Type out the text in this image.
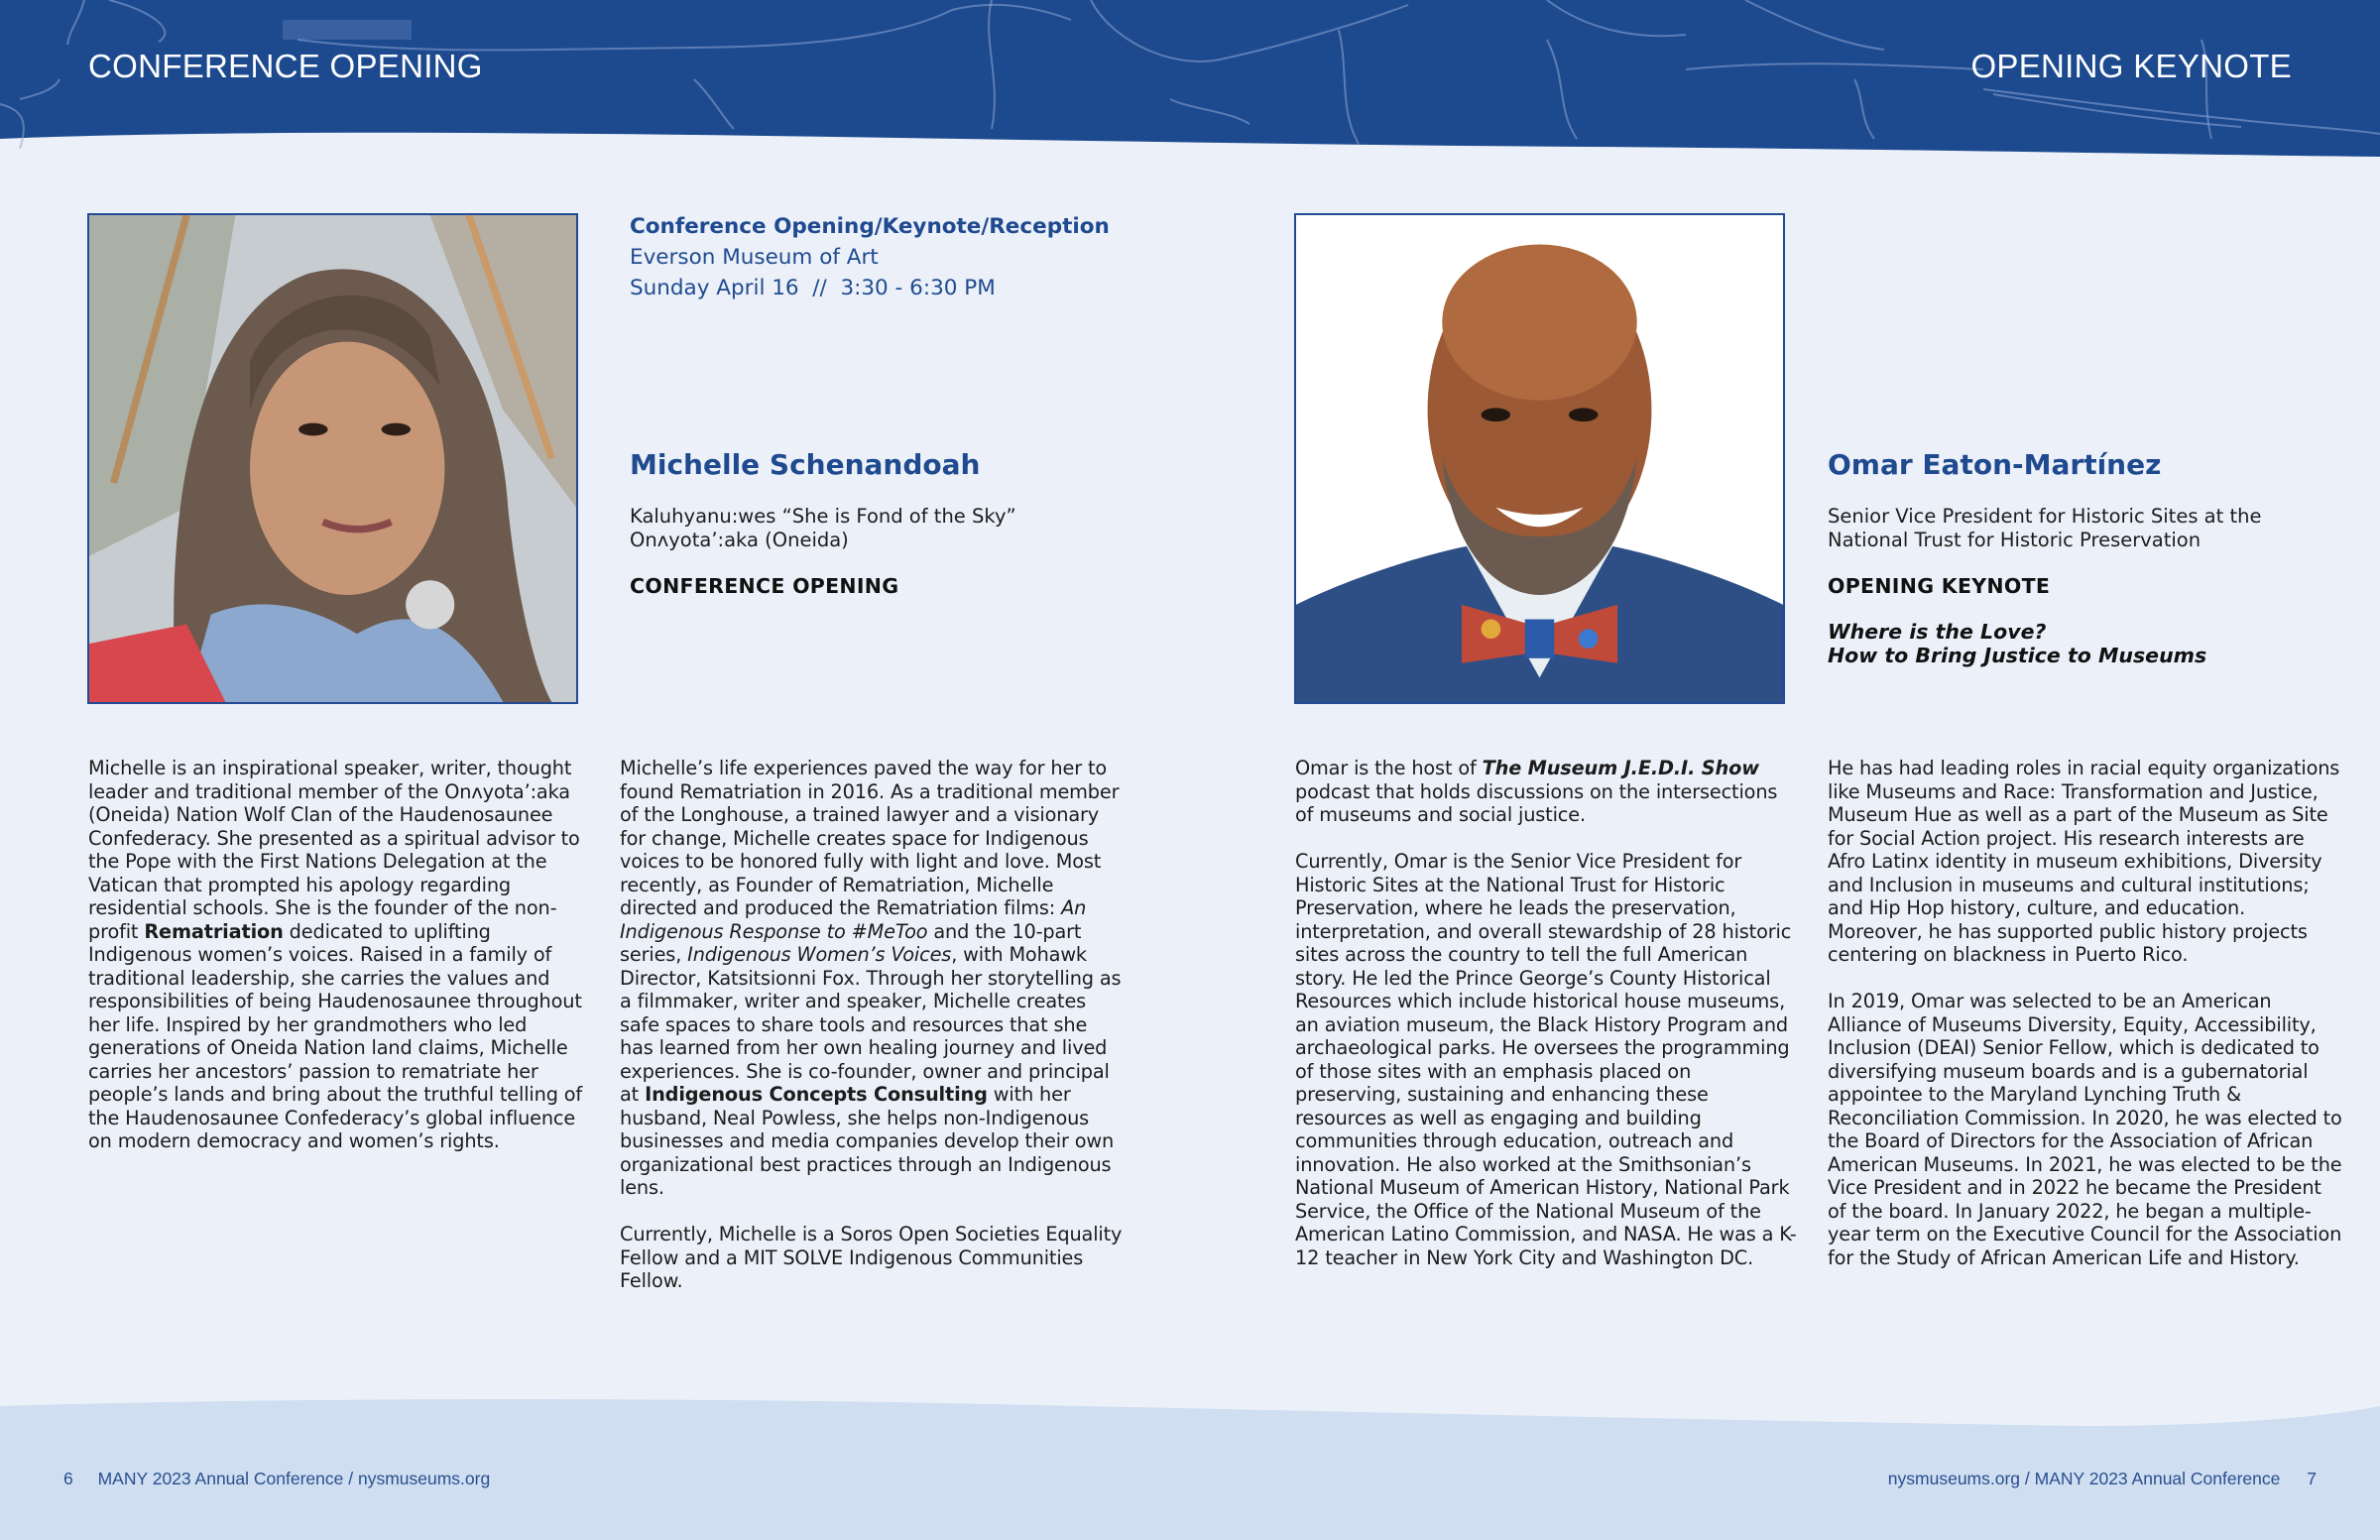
CONFERENCE OPENING	OPENING KEYNOTE
Conference Opening/Keynote/Reception
Everson Museum of Art
Sunday April 16  //  3:30 - 6:30 PM
Michelle Schenandoah
Kaluhyanu:wes “She is Fond of the Sky”
Onʌyota’:aka (Oneida)
CONFERENCE OPENING
Omar Eaton-Martínez
Senior Vice President for Historic Sites at the
National Trust for Historic Preservation
OPENING KEYNOTE
Where is the Love?
How to Bring Justice to Museums

Michelle is an inspirational speaker, writer, thought leader and traditional member of the Onʌyota’:aka (Oneida) Nation Wolf Clan of the Haudenosaunee Confederacy. She presented as a spiritual advisor to the Pope with the First Nations Delegation at the Vatican that prompted his apology regarding residential schools. She is the founder of the non-profit Rematriation dedicated to uplifting Indigenous women’s voices. Raised in a family of traditional leadership, she carries the values and responsibilities of being Haudenosaunee throughout her life. Inspired by her grandmothers who led generations of Oneida Nation land claims, Michelle carries her ancestors’ passion to rematriate her people’s lands and bring about the truthful telling of the Haudenosaunee Confederacy’s global influence on modern democracy and women’s rights.

Michelle’s life experiences paved the way for her to found Rematriation in 2016. As a traditional member of the Longhouse, a trained lawyer and a visionary for change, Michelle creates space for Indigenous voices to be honored fully with light and love. Most recently, as Founder of Rematriation, Michelle directed and produced the Rematriation films: An Indigenous Response to #MeToo and the 10-part series, Indigenous Women’s Voices, with Mohawk Director, Katsitsionni Fox. Through her storytelling as a filmmaker, writer and speaker, Michelle creates safe spaces to share tools and resources that she has learned from her own healing journey and lived experiences. She is co-founder, owner and principal at Indigenous Concepts Consulting with her husband, Neal Powless, she helps non-Indigenous businesses and media companies develop their own organizational best practices through an Indigenous lens.

Currently, Michelle is a Soros Open Societies Equality Fellow and a MIT SOLVE Indigenous Communities Fellow.

Omar is the host of The Museum J.E.D.I. Show podcast that holds discussions on the intersections of museums and social justice.

Currently, Omar is the Senior Vice President for Historic Sites at the National Trust for Historic Preservation, where he leads the preservation, interpretation, and overall stewardship of 28 historic sites across the country to tell the full American story. He led the Prince George’s County Historical Resources which include historical house museums, an aviation museum, the Black History Program and archaeological parks. He oversees the programming of those sites with an emphasis placed on preserving, sustaining and enhancing these resources as well as engaging and building communities through education, outreach and innovation. He also worked at the Smithsonian’s National Museum of American History, National Park Service, the Office of the National Museum of the American Latino Commission, and NASA. He was a K-12 teacher in New York City and Washington DC.

He has had leading roles in racial equity organizations like Museums and Race: Transformation and Justice, Museum Hue as well as a part of the Museum as Site for Social Action project. His research interests are Afro Latinx identity in museum exhibitions, Diversity and Inclusion in museums and cultural institutions; and Hip Hop history, culture, and education. Moreover, he has supported public history projects centering on blackness in Puerto Rico.

In 2019, Omar was selected to be an American Alliance of Museums Diversity, Equity, Accessibility, Inclusion (DEAI) Senior Fellow, which is dedicated to diversifying museum boards and is a gubernatorial appointee to the Maryland Lynching Truth & Reconciliation Commission. In 2020, he was elected to the Board of Directors for the Association of African American Museums. In 2021, he was elected to be the Vice President and in 2022 he became the President of the board. In January 2022, he began a multiple-year term on the Executive Council for the Association for the Study of African American Life and History.

6 MANY 2023 Annual Conference / nysmuseums.org	nysmuseums.org / MANY 2023 Annual Conference 7
